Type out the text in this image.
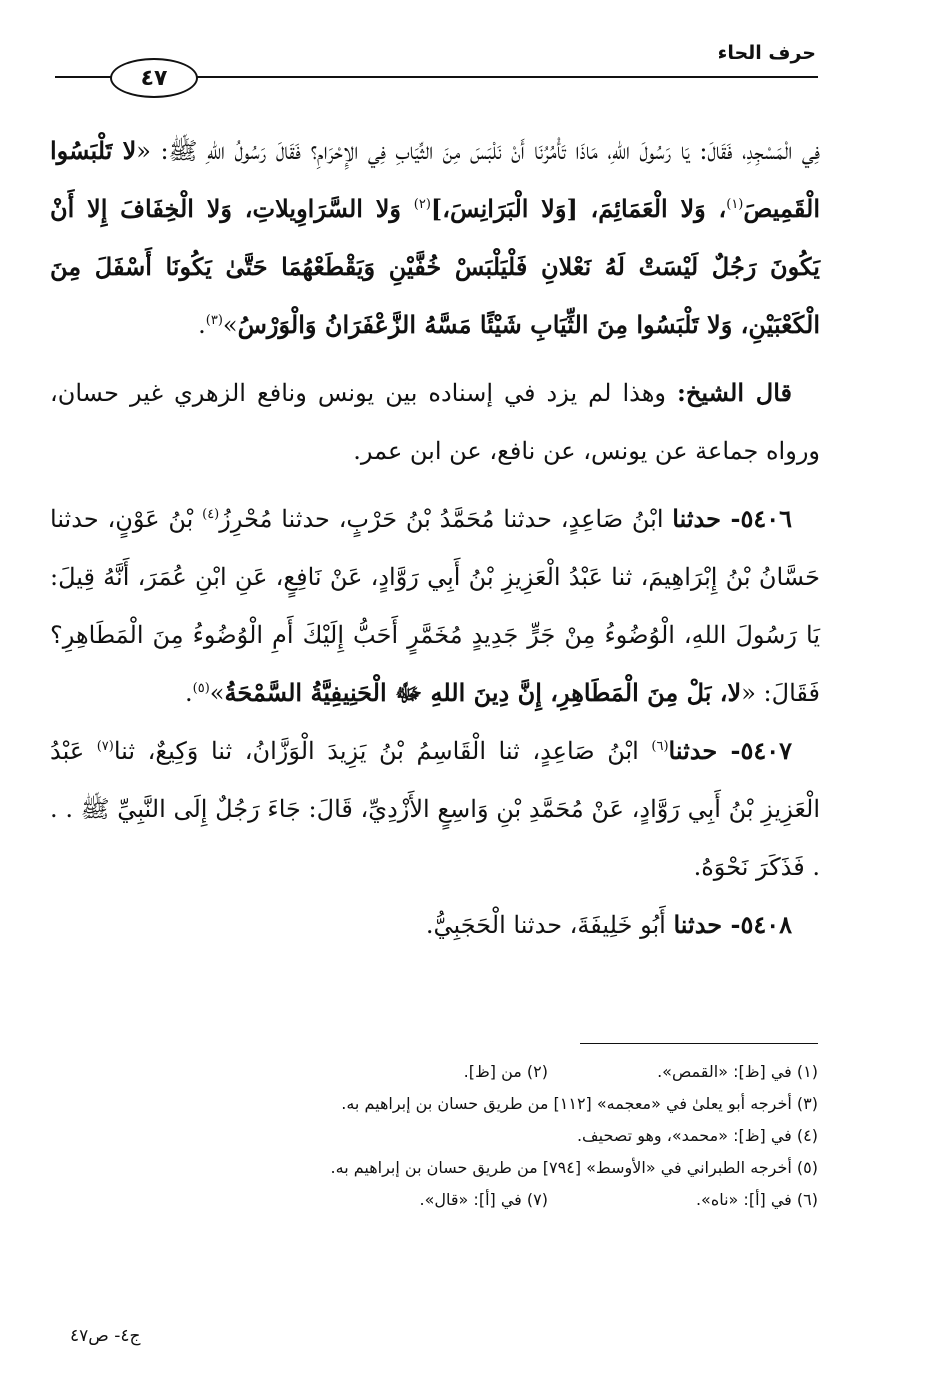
حرف الحاء
٤٧

فِي الْمَسْجِدِ، فَقَالَ: يَا رَسُولَ اللهِ، مَاذَا تَأْمُرُنَا أَنْ نَلْبَسَ مِنَ الثِّيَابِ فِي الإِحْرَامِ؟ فَقَالَ رَسُولُ اللهِ ﷺ: «لا تَلْبَسُوا الْقَمِيصَ$^{(١)}$، وَلا الْعَمَائِمَ، [وَلا الْبَرَانِسَ،]$^{(٢)}$ وَلا السَّرَاوِيلاتِ، وَلا الْخِفَافَ إِلا أَنْ يَكُونَ رَجُلٌ لَيْسَتْ لَهُ نَعْلانِ فَلْيَلْبَسْ خُفَّيْنِ وَيَقْطَعْهُمَا حَتَّىٰ يَكُونَا أَسْفَلَ مِنَ الْكَعْبَيْنِ، وَلا تَلْبَسُوا مِنَ الثِّيَابِ شَيْئًا مَسَّهُ الزَّعْفَرَانُ وَالْوَرْسُ»$^{(٣)}$.

قال الشيخ: وهذا لم يزد في إسناده بين يونس ونافع الزهري غير حسان، ورواه جماعة عن يونس، عن نافع، عن ابن عمر.

٥٤٠٦- حدثنا ابْنُ صَاعِدٍ، حدثنا مُحَمَّدُ بْنُ حَرْبٍ، حدثنا مُحْرِزُ$^{(٤)}$ بْنُ عَوْنٍ، حدثنا حَسَّانُ بْنُ إِبْرَاهِيمَ، ثنا عَبْدُ الْعَزِيزِ بْنُ أَبِي رَوَّادٍ، عَنْ نَافِعٍ، عَنِ ابْنِ عُمَرَ، أَنَّهُ قِيلَ: يَا رَسُولَ اللهِ، الْوُضُوءُ مِنْ جَرٍّ جَدِيدٍ مُخَمَّرٍ أَحَبُّ إِلَيْكَ أَمِ الْوُضُوءُ مِنَ الْمَطَاهِرِ؟ فَقَالَ: «لا، بَلْ مِنَ الْمَطَاهِرِ، إِنَّ دِينَ اللهِ ﷻ الْحَنِيفِيَّةُ السَّمْحَةُ»$^{(٥)}$.

٥٤٠٧- حدثنا$^{(٦)}$ ابْنُ صَاعِدٍ، ثنا الْقَاسِمُ بْنُ يَزِيدَ الْوَزَّانُ، ثنا وَكِيعٌ، ثنا$^{(٧)}$ عَبْدُ الْعَزِيزِ بْنُ أَبِي رَوَّادٍ، عَنْ مُحَمَّدِ بْنِ وَاسِعٍ الأَزْدِيِّ، قَالَ: جَاءَ رَجُلٌ إِلَى النَّبِيِّ ﷺ . . . فَذَكَرَ نَحْوَهُ.

٥٤٠٨- حدثنا أَبُو خَلِيفَةَ، حدثنا الْحَجَبِيُّ.

(١) في [ظ]: «القمص».
(٢) من [ظ].
(٣) أخرجه أبو يعلىٰ في «معجمه» [١١٢] من طريق حسان بن إبراهيم به.
(٤) في [ظ]: «محمد»، وهو تصحيف.
(٥) أخرجه الطبراني في «الأوسط» [٧٩٤] من طريق حسان بن إبراهيم به.
(٦) في [أ]: «ناه».
(٧) في [أ]: «قال».
ج٤- ص٤٧
